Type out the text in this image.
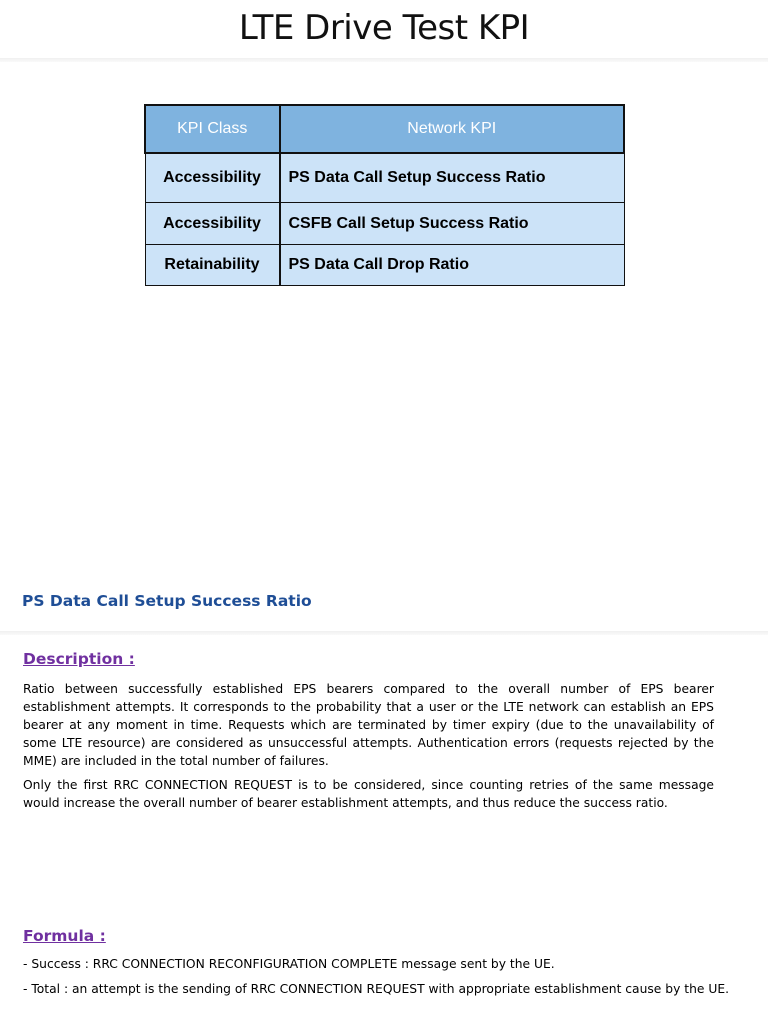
LTE Drive Test KPI
KPI Class	Network KPI
Accessibility	PS Data Call Setup Success Ratio
Accessibility	CSFB Call Setup Success Ratio
Retainability	PS Data Call Drop Ratio
PS Data Call Setup Success Ratio
Description :

Ratio between successfully established EPS bearers compared to the overall number of EPS bearer establishment attempts. It corresponds to the probability that a user or the LTE network can establish an EPS bearer at any moment in time. Requests which are terminated by timer expiry (due to the unavailability of some LTE resource) are considered as unsuccessful attempts. Authentication errors (requests rejected by the MME) are included in the total number of failures.

Only the first RRC CONNECTION REQUEST is to be considered, since counting retries of the same message would increase the overall number of bearer establishment attempts, and thus reduce the success ratio.

Formula :
- Success : RRC CONNECTION RECONFIGURATION COMPLETE message sent by the UE.
- Total : an attempt is the sending of RRC CONNECTION REQUEST with appropriate establishment cause by the UE.
